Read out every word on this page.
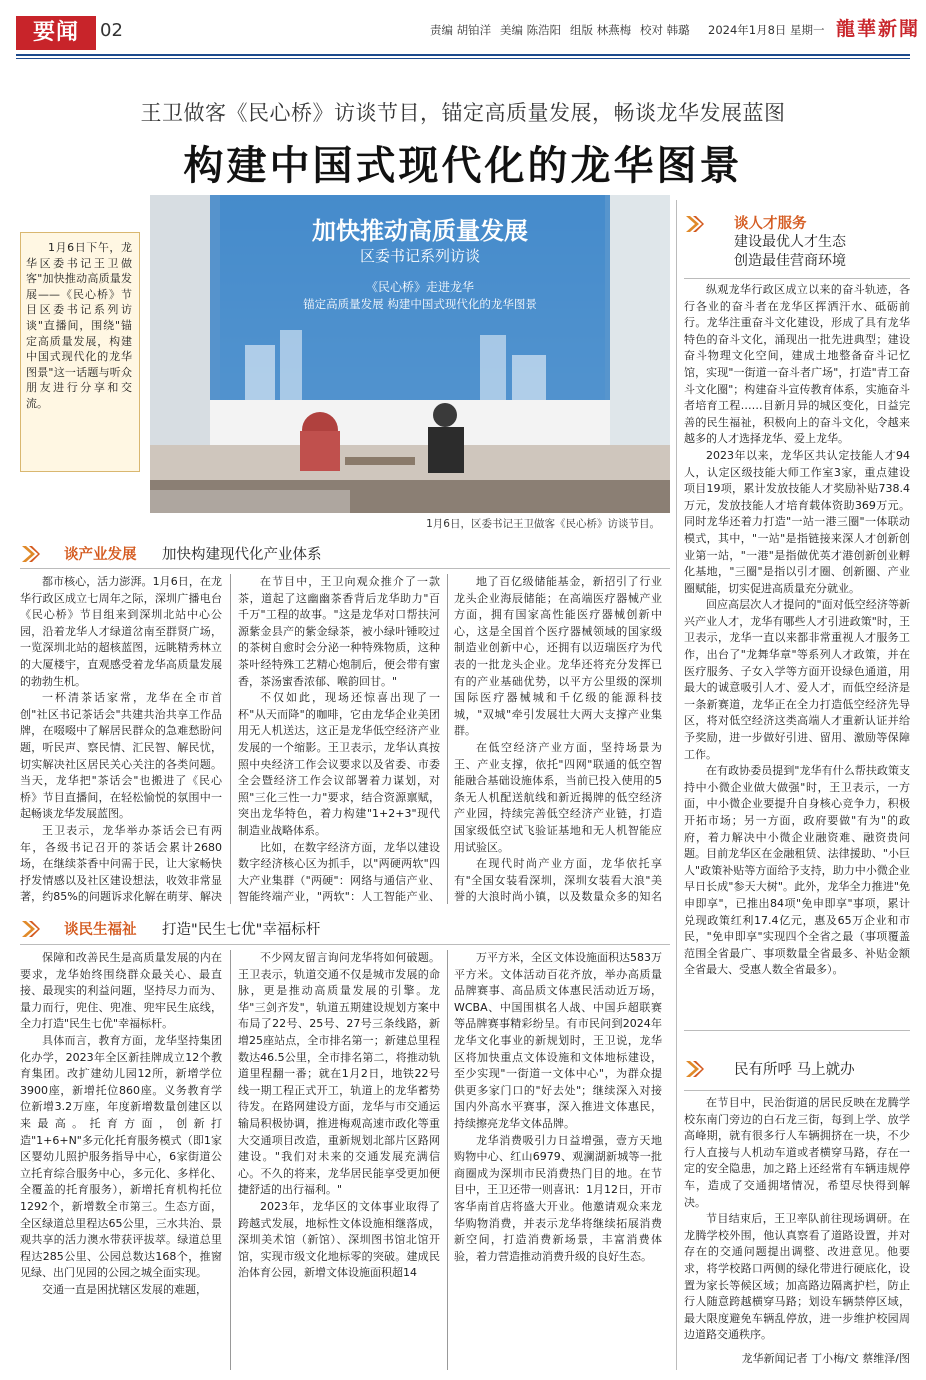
要闻	02	责编 胡铂洋 美编 陈浩阳 组版 林燕梅 校对 韩璐 2024年1月8日 星期一 龍華新聞
王卫做客《民心桥》访谈节目，锚定高质量发展，畅谈龙华发展蓝图
构建中国式现代化的龙华图景
1月6日下午，龙华区委书记王卫做客"加快推动高质量发展——《民心桥》节目区委书记系列访谈"直播间，围绕"锚定高质量发展，构建中国式现代化的龙华图景"这一话题与听众朋友进行分享和交流。
加快推动高质量发展
区委书记系列访谈
《民心桥》走进龙华
锚定高质量发展 构建中国式现代化的龙华图景
1月6日，区委书记王卫做客《民心桥》访谈节目。
谈产业发展 加快构建现代化产业体系

都市核心，活力澎湃。1月6日，在龙华行政区成立七周年之际，深圳广播电台《民心桥》节目组来到深圳北站中心公园，沿着龙华人才绿道岔南至群贤广场，一览深圳北站的超核蓝图，远眺精秀林立的大厦楼宇，直观感受着龙华高质量发展的勃勃生机。

一杯清茶话家常，龙华在全市首创"社区书记茶话会"共建共治共享工作品牌，在啜啜中了解居民群众的急难愁盼问题，听民声、察民情、汇民智、解民忧，切实解决社区居民关心关注的各类问题。当天，龙华把"茶话会"也搬进了《民心桥》节目直播间，在轻松愉悦的氛围中一起畅谈龙华发展蓝图。

王卫表示，龙华举办茶话会已有两年，各级书记召开的茶话会累计2680场，在继续茶香中问需于民，让大家畅快抒发情感以及社区建设想法，收效非常显著，约85%的问题诉求化解在萌芽、解决

在节目中，王卫向观众推介了一款茶，道起了这幽幽茶香背后龙华助力"百千万"工程的故事。"这是龙华对口帮扶河源紫金县产的紫金绿茶，被小绿叶锤咬过的茶树自愈时会分泌一种特殊物质，这种茶叶经特殊工艺精心炮制后，便会带有蜜香，茶汤蜜香浓郁、喉韵回甘。"

不仅如此，现场还惊喜出现了一杯"从天而降"的咖啡，它由龙华企业美团用无人机送达，这正是龙华低空经济产业发展的一个缩影。王卫表示，龙华认真按照中央经济工作会议要求以及省委、市委全会暨经济工作会议部署着力谋划，对照"三化三性一力"要求，结合资源禀赋，突出龙华特色，着力构建"1+2+3"现代制造业战略体系。

比如，在数字经济方面，龙华以建设数字经济核心区为抓手，以"两硬两软"四大产业集群（"两硬"：网络与通信产业、智能终端产业，"两软"：人工智能产业、

地了百亿级储能基金，新招引了行业龙头企业海辰储能；在高端医疗器械产业方面，拥有国家高性能医疗器械创新中心，这是全国首个医疗器械领域的国家级制造业创新中心，还拥有以迈瑞医疗为代表的一批龙头企业。龙华还将充分发挥已有的产业基础优势，以平方公里级的深圳国际医疗器械城和千亿级的能源科技城，"双城"牵引发展壮大两大支撑产业集群。

在低空经济产业方面，坚持场景为王、产业支撑，依托"四网"联通的低空智能融合基础设施体系，当前已投入使用的5条无人机配送航线和新近揭牌的低空经济产业园，持续完善低空经济产业链，打造国家级低空试飞验证基地和无人机智能应用试验区。

在现代时尚产业方面，龙华依托享有"全国女装看深圳，深圳女装看大浪"美誉的大浪时尚小镇，以及数量众多的知名

谈民生福祉 打造"民生七优"幸福标杆

保障和改善民生是高质量发展的内在要求，龙华始终围绕群众最关心、最直接、最现实的利益问题，坚持尽力而为、量力而行，兜住、兜准、兜牢民生底线，全力打造"民生七优"幸福标杆。

具体而言，教育方面，龙华坚持集团化办学，2023年全区新挂牌成立12个教育集团。改扩建幼儿园12所，新增学位3900座，新增托位860座。义务教育学位新增3.2万座，年度新增数量创建区以来最高。托育方面，创新打造"1+6+N"多元化托育服务模式（即1家区婴幼儿照护服务指导中心，6家街道公立托育综合服务中心，多元化、多样化、全覆盖的托育服务），新增托育机构托位1292个，新增数全市第三。生态方面，全区绿道总里程达65公里，三水共治、景观共享的活力澳水带获评拔萃。绿道总里程达285公里、公园总数达168个，推窗见绿、出门见园的公园之城全面实现。

交通一直是困扰辖区发展的难题，

不少网友留言询问龙华将如何破题。王卫表示，轨道交通不仅是城市发展的命脉，更是推动高质量发展的引擎。龙华"三剑齐发"，轨道五期建设规划方案中布局了22号、25号、27号三条线路，新增25座站点，全市排名第一；新建总里程数达46.5公里，全市排名第二，将推动轨道里程翻一番；就在1月2日，地铁22号线一期工程正式开工，轨道上的龙华蓄势待发。在路网建设方面，龙华与市交通运输局积极协调，推进梅观高速市政化等重大交通项目改造，重新规划北部片区路网建设。"我们对未来的交通发展充满信心。不久的将来，龙华居民能享受更加便捷舒适的出行福利。"

2023年，龙华区的文体事业取得了跨越式发展，地标性文体设施相继落成，深圳美术馆（新馆）、深圳图书馆北馆开馆，实现市级文化地标零的突破。建成民治体育公园，新增文体设施面积超14

万平方米，全区文体设施面积达583万平方米。文体活动百花齐放，举办高质量品牌赛事、高品质文体惠民活动近万场，WCBA、中国围棋名人战、中国乒超联赛等品牌赛事精彩纷呈。有市民问到2024年龙华文化事业的新规划时，王卫说，龙华区将加快重点文体设施和文体地标建设，至少实现"一街道一文体中心"，为群众提供更多家门口的"好去处"；继续深入对接国内外高水平赛事，深入推进文体惠民，持续擦亮龙华文体品牌。

龙华消费吸引力日益增强，壹方天地购物中心、红山6979、观澜湖新城等一批商圈成为深圳市民消费热门目的地。在节目中，王卫还带一则喜讯：1月12日，开市客华南首店将盛大开业。他邀请观众来龙华购物消费，并表示龙华将继续拓展消费新空间，打造消费新场景，丰富消费体验，着力营造推动消费升级的良好生态。

谈人才服务
建设最优人才生态
创造最佳营商环境

纵观龙华行政区成立以来的奋斗轨迹，各行各业的奋斗者在龙华区挥洒汗水、砥砺前行。龙华注重奋斗文化建设，形成了具有龙华特色的奋斗文化，涌现出一批先进典型；建设奋斗物理文化空间，建成土地整备奋斗记忆馆，实现"一街道一奋斗者广场"，打造"青工奋斗文化圈"；构建奋斗宣传教育体系，实施奋斗者培育工程……目新月异的城区变化，日益完善的民生福祉，积极向上的奋斗文化，令越来越多的人才选择龙华、爱上龙华。

2023年以来，龙华区共认定技能人才94人，认定区级技能大师工作室3家，重点建设项目19项，累计发放技能人才奖励补贴738.4万元，发放技能人才培育载体资助369万元。同时龙华还着力打造"一站一港三圈"一体联动模式，其中，"一站"是指链接来深人才创新创业第一站，"一港"是指做优英才港创新创业孵化基地，"三圈"是指以引才圈、创新圈、产业圈赋能，切实促进高质量充分就业。

回应高层次人才提问的"面对低空经济等新兴产业人才，龙华有哪些人才引进政策"时，王卫表示，龙华一直以来都非常重视人才服务工作，出台了"龙舞华章"等系列人才政策，并在医疗服务、子女入学等方面开设绿色通道，用最大的诚意吸引人才、爱人才，而低空经济是一条新赛道，龙华正在全力打造低空经济先导区，将对低空经济这类高端人才重新认证并给予奖励，进一步做好引进、留用、激励等保障工作。

在有政协委员提到"龙华有什么帮扶政策支持中小微企业做大做强"时，王卫表示，一方面，中小微企业要提升自身核心竞争力，积极开拓市场；另一方面，政府要做"有为"的政府，着力解决中小微企业融资难、融资贵问题。目前龙华区在金融租赁、法律援助、"小巨人"政策补贴等方面给予支持，助力中小微企业早日长成"参天大树"。此外，龙华全力推进"免申即享"，已推出84项"免申即享"事项，累计兑现政策红利17.4亿元，惠及65万企业和市民，"免申即享"实现四个全省之最（事项覆盖范围全省最广、事项数量全省最多、补贴金额全省最大、受惠人数全省最多）。

民有所呼 马上就办

在节目中，民治街道的居民反映在龙腾学校东南门旁边的白石龙三街，每到上学、放学高峰期，就有很多行人车辆拥挤在一块，不少行人直接与人机动车道或者横穿马路，存在一定的安全隐患，加之路上还经常有车辆违规停车，造成了交通拥堵情况，希望尽快得到解决。

节目结束后，王卫率队前往现场调研。在龙腾学校外围，他认真察看了道路设置，并对存在的交通问题提出调整、改进意见。他要求，将学校路口两侧的绿化带进行硬底化，设置为家长等候区域；加高路边隔离护栏，防止行人随意跨越横穿马路；划设车辆禁停区域，最大限度避免车辆乱停放，进一步维护校园周边道路交通秩序。

龙华新闻记者 丁小梅/文 蔡维泽/图
